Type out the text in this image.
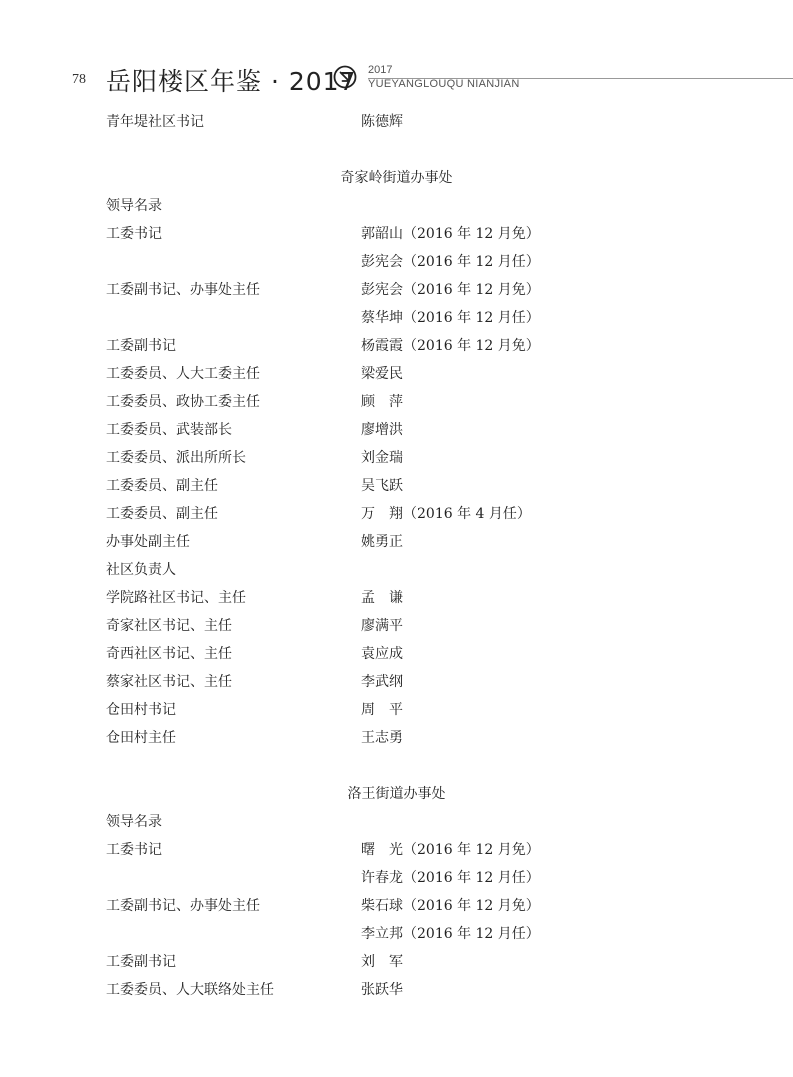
78 岳阳楼区年鉴 · 2017 2017
YUEYANGLOUQU NIANJIAN
青年堤社区书记	陈德辉
奇家岭街道办事处
领导名录
工委书记	郭韶山（2016 年 12 月免）
彭宪会（2016 年 12 月任）
工委副书记、办事处主任	彭宪会（2016 年 12 月免）
蔡华坤（2016 年 12 月任）
工委副书记	杨霞霞（2016 年 12 月免）
工委委员、人大工委主任	梁爱民
工委委员、政协工委主任	顾　萍
工委委员、武装部长	廖增洪
工委委员、派出所所长	刘金瑞
工委委员、副主任	吴飞跃
工委委员、副主任	万　翔（2016 年 4 月任）
办事处副主任	姚勇正
社区负责人
学院路社区书记、主任	孟　谦
奇家社区书记、主任	廖满平
奇西社区书记、主任	袁应成
蔡家社区书记、主任	李武纲
仓田村书记	周　平
仓田村主任	王志勇
洛王街道办事处
领导名录
工委书记	曙　光（2016 年 12 月免）
许春龙（2016 年 12 月任）
工委副书记、办事处主任	柴石球（2016 年 12 月免）
李立邦（2016 年 12 月任）
工委副书记	刘　军
工委委员、人大联络处主任	张跃华
